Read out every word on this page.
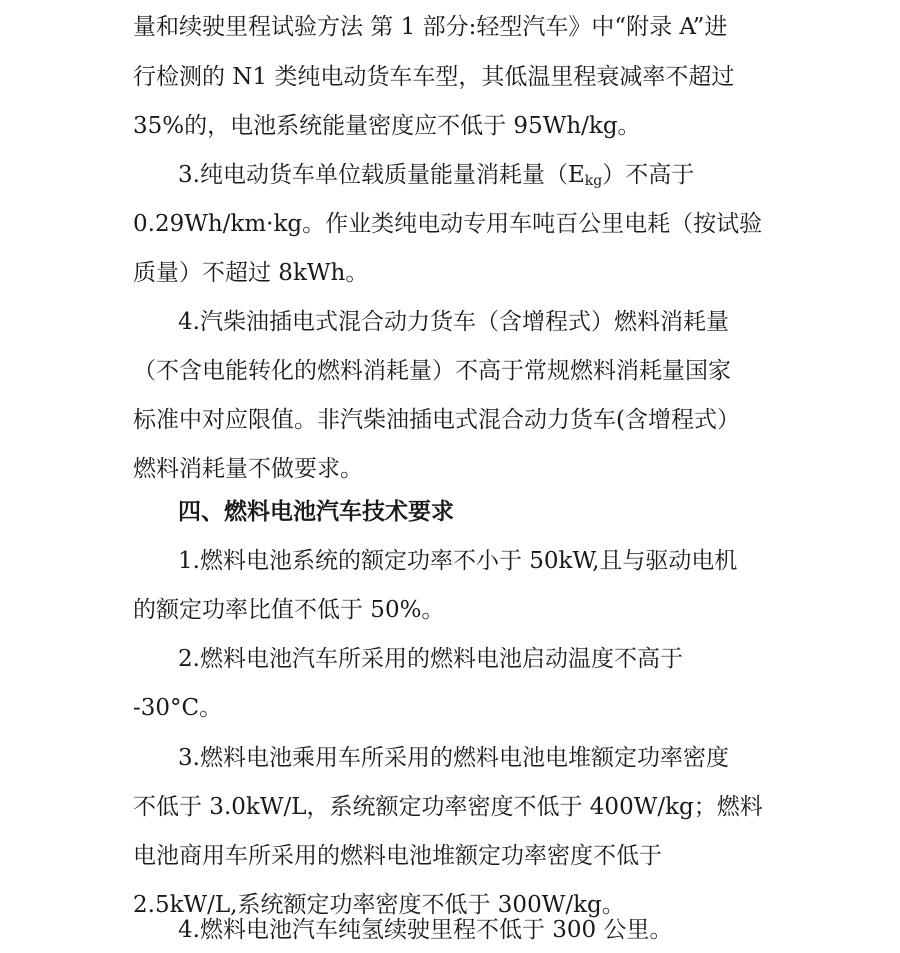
量和续驶里程试验方法 第 1 部分:轻型汽车》中“附录 A”进
行检测的 N1 类纯电动货车车型，其低温里程衰减率不超过
35%的，电池系统能量密度应不低于 95Wh/kg。
3.纯电动货车单位载质量能量消耗量$(E_{kg})$不高于
0.29Wh/km·kg。作业类纯电动专用车吨百公里电耗（按试验
质量）不超过 8kWh。
4.汽柴油插电式混合动力货车（含增程式）燃料消耗量
（不含电能转化的燃料消耗量）不高于常规燃料消耗量国家
标准中对应限值。非汽柴油插电式混合动力货车(含增程式）
燃料消耗量不做要求。
四、燃料电池汽车技术要求
1.燃料电池系统的额定功率不小于 50kW,且与驱动电机
的额定功率比值不低于 50%。
2.燃料电池汽车所采用的燃料电池启动温度不高于
-30°C。
3.燃料电池乘用车所采用的燃料电池电堆额定功率密度
不低于 3.0kW/L，系统额定功率密度不低于 400W/kg；燃料
电池商用车所采用的燃料电池堆额定功率密度不低于
2.5kW/L,系统额定功率密度不低于 300W/kg。
4.燃料电池汽车纯氢续驶里程不低于 300 公里。
